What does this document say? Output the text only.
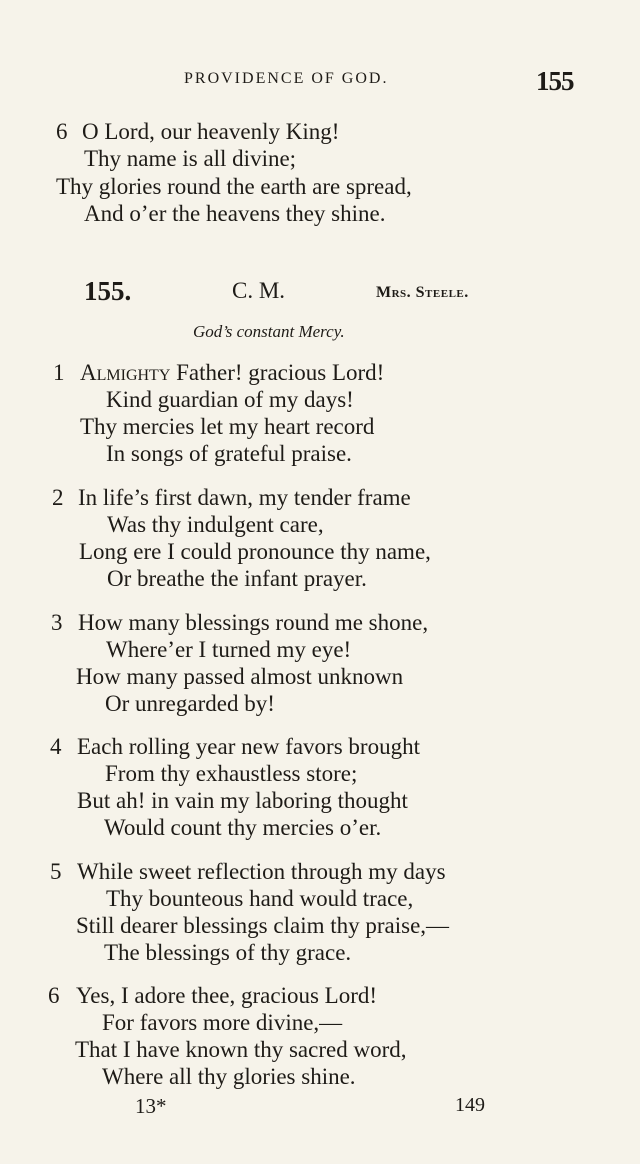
PROVIDENCE OF GOD.	155
6 O Lord, our heavenly King!
Thy name is all divine;
Thy glories round the earth are spread,
And o’er the heavens they shine.
155.	C. M.	Mrs. Steele.
God’s constant Mercy.
1 Almighty Father! gracious Lord!
Kind guardian of my days!
Thy mercies let my heart record
In songs of grateful praise.
2 In life’s first dawn, my tender frame
Was thy indulgent care,
Long ere I could pronounce thy name,
Or breathe the infant prayer.
3 How many blessings round me shone,
Where’er I turned my eye!
How many passed almost unknown
Or unregarded by!
4 Each rolling year new favors brought
From thy exhaustless store;
But ah! in vain my laboring thought
Would count thy mercies o’er.
5 While sweet reflection through my days
Thy bounteous hand would trace,
Still dearer blessings claim thy praise,—
The blessings of thy grace.
6 Yes, I adore thee, gracious Lord!
For favors more divine,—
That I have known thy sacred word,
Where all thy glories shine.
13*	149
